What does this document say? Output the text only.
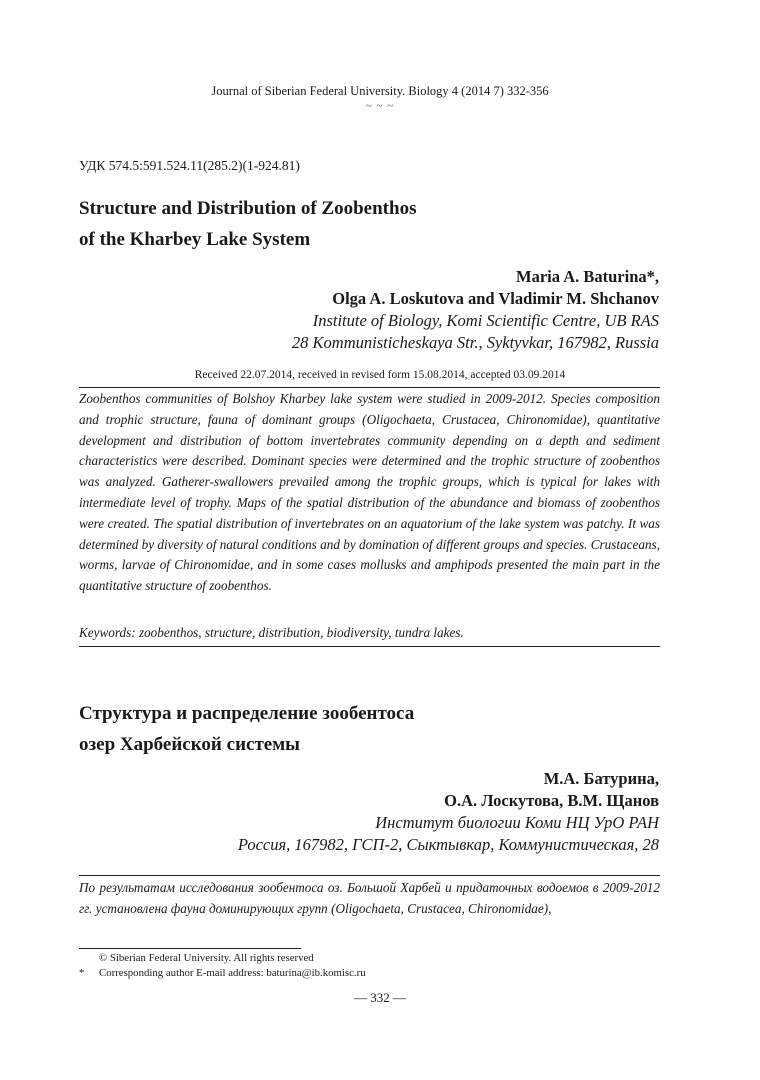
Journal of Siberian Federal University. Biology 4 (2014 7) 332-356
~ ~ ~
УДК 574.5:591.524.11(285.2)(1-924.81)
Structure and Distribution of Zoobenthos
of the Kharbey Lake System
Maria A. Baturina*,
Olga A. Loskutova and Vladimir M. Shchanov
Institute of Biology, Komi Scientific Centre, UB RAS
28 Kommunisticheskaya Str., Syktyvkar, 167982, Russia
Received 22.07.2014, received in revised form 15.08.2014, accepted 03.09.2014
Zoobenthos communities of Bolshoy Kharbey lake system were studied in 2009-2012. Species composition and trophic structure, fauna of dominant groups (Oligochaeta, Crustacea, Chironomidae), quantitative development and distribution of bottom invertebrates community depending on a depth and sediment characteristics were described. Dominant species were determined and the trophic structure of zoobenthos was analyzed. Gatherer-swallowers prevailed among the trophic groups, which is typical for lakes with intermediate level of trophy. Maps of the spatial distribution of the abundance and biomass of zoobenthos were created. The spatial distribution of invertebrates on an aquatorium of the lake system was patchy. It was determined by diversity of natural conditions and by domination of different groups and species. Crustaceans, worms, larvae of Chironomidae, and in some cases mollusks and amphipods presented the main part in the quantitative structure of zoobenthos.
Keywords: zoobenthos, structure, distribution, biodiversity, tundra lakes.
Структура и распределение зообентоса
озер Харбейской системы
М.А. Батурина,
О.А. Лоскутова, В.М. Щанов
Институт биологии Коми НЦ УрО РАН
Россия, 167982, ГСП-2, Сыктывкар, Коммунистическая, 28
По результатам исследования зообентоса оз. Большой Харбей и придаточных водоемов в 2009-2012 гг. установлена фауна доминирующих групп (Oligochaeta, Crustacea, Chironomidae),
© Siberian Federal University. All rights reserved
* Corresponding author E-mail address: baturina@ib.komisc.ru
— 332 —
